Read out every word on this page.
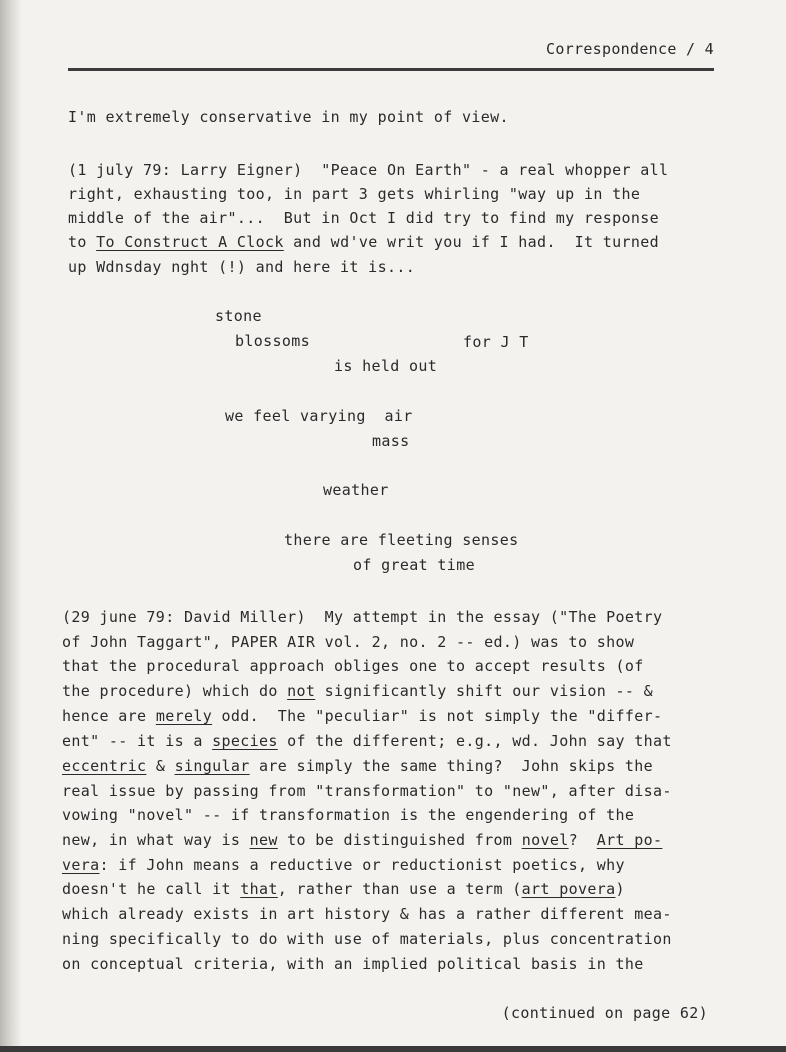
Correspondence / 4
I'm extremely conservative in my point of view.
(1 july 79: Larry Eigner)  "Peace On Earth" - a real whopper all
right, exhausting too, in part 3 gets whirling "way up in the
middle of the air"...  But in Oct I did try to find my response
to To Construct A Clock and wd've writ you if I had.  It turned
up Wdnsday nght (!) and here it is...
stone
blossoms	for J T
is held out
we feel varying  air
mass
weather
there are fleeting senses
of great time
(29 june 79: David Miller)  My attempt in the essay ("The Poetry
of John Taggart", PAPER AIR vol. 2, no. 2 -- ed.) was to show
that the procedural approach obliges one to accept results (of
the procedure) which do not significantly shift our vision -- &
hence are merely odd.  The "peculiar" is not simply the "differ-
ent" -- it is a species of the different; e.g., wd. John say that
eccentric & singular are simply the same thing?  John skips the
real issue by passing from "transformation" to "new", after disa-
vowing "novel" -- if transformation is the engendering of the
new, in what way is new to be distinguished from novel?  Art po-
vera: if John means a reductive or reductionist poetics, why
doesn't he call it that, rather than use a term (art povera)
which already exists in art history & has a rather different mea-
ning specifically to do with use of materials, plus concentration
on conceptual criteria, with an implied political basis in the
(continued on page 62)
